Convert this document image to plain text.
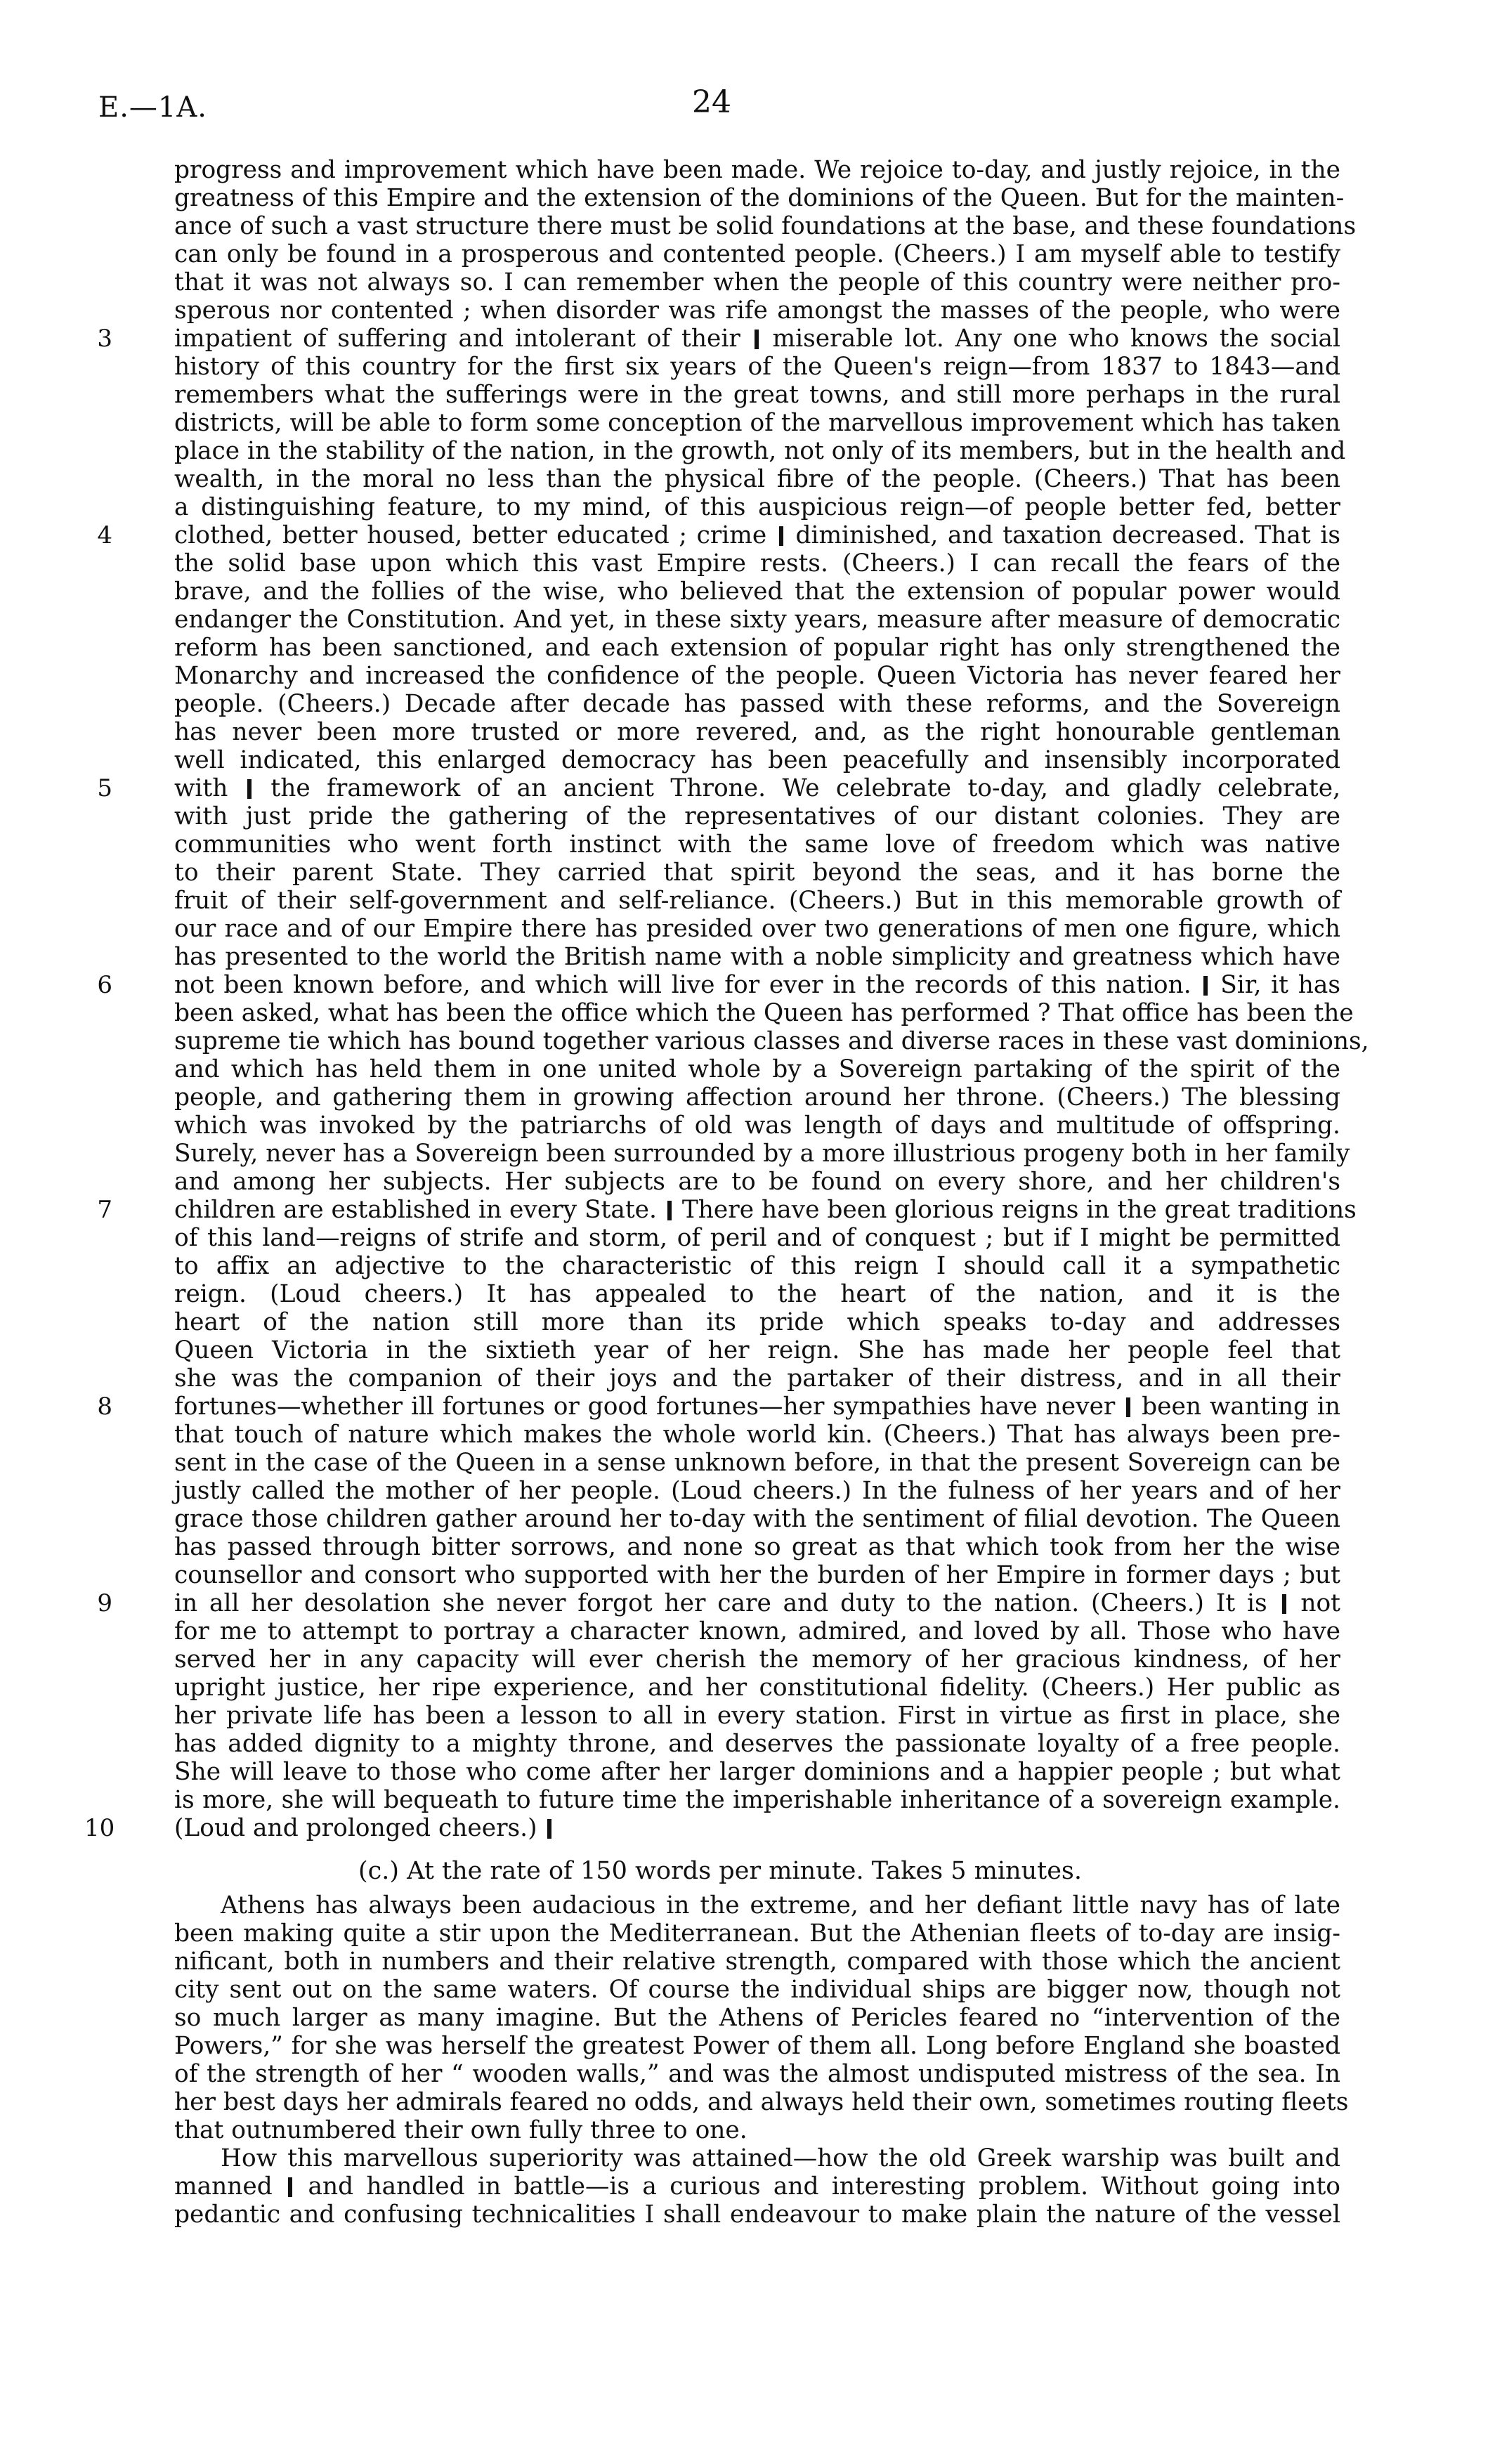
E.—1A.	24
progress and improvement which have been made. We rejoice to-day, and justly rejoice, in the
greatness of this Empire and the extension of the dominions of the Queen. But for the mainten-
ance of such a vast structure there must be solid foundations at the base, and these foundations
can only be found in a prosperous and contented people. (Cheers.) I am myself able to testify
that it was not always so. I can remember when the people of this country were neither pro-
sperous nor contented ; when disorder was rife amongst the masses of the people, who were
3	impatient of suffering and intolerant of their miserable lot. Any one who knows the social
history of this country for the first six years of the Queen's reign—from 1837 to 1843—and
remembers what the sufferings were in the great towns, and still more perhaps in the rural
districts, will be able to form some conception of the marvellous improvement which has taken
place in the stability of the nation, in the growth, not only of its members, but in the health and
wealth, in the moral no less than the physical fibre of the people. (Cheers.) That has been
a distinguishing feature, to my mind, of this auspicious reign—of people better fed, better
4	clothed, better housed, better educated ; crime diminished, and taxation decreased. That is
the solid base upon which this vast Empire rests. (Cheers.) I can recall the fears of the
brave, and the follies of the wise, who believed that the extension of popular power would
endanger the Constitution. And yet, in these sixty years, measure after measure of democratic
reform has been sanctioned, and each extension of popular right has only strengthened the
Monarchy and increased the confidence of the people. Queen Victoria has never feared her
people. (Cheers.) Decade after decade has passed with these reforms, and the Sovereign
has never been more trusted or more revered, and, as the right honourable gentleman
well indicated, this enlarged democracy has been peacefully and insensibly incorporated
5	with the framework of an ancient Throne. We celebrate to-day, and gladly celebrate,
with just pride the gathering of the representatives of our distant colonies. They are
communities who went forth instinct with the same love of freedom which was native
to their parent State. They carried that spirit beyond the seas, and it has borne the
fruit of their self-government and self-reliance. (Cheers.) But in this memorable growth of
our race and of our Empire there has presided over two generations of men one figure, which
has presented to the world the British name with a noble simplicity and greatness which have
6	not been known before, and which will live for ever in the records of this nation. Sir, it has
been asked, what has been the office which the Queen has performed ? That office has been the
supreme tie which has bound together various classes and diverse races in these vast dominions,
and which has held them in one united whole by a Sovereign partaking of the spirit of the
people, and gathering them in growing affection around her throne. (Cheers.) The blessing
which was invoked by the patriarchs of old was length of days and multitude of offspring.
Surely, never has a Sovereign been surrounded by a more illustrious progeny both in her family
and among her subjects. Her subjects are to be found on every shore, and her children's
7	children are established in every State. There have been glorious reigns in the great traditions
of this land—reigns of strife and storm, of peril and of conquest ; but if I might be permitted
to affix an adjective to the characteristic of this reign I should call it a sympathetic
reign. (Loud cheers.) It has appealed to the heart of the nation, and it is the
heart of the nation still more than its pride which speaks to-day and addresses
Queen Victoria in the sixtieth year of her reign. She has made her people feel that
she was the companion of their joys and the partaker of their distress, and in all their
8	fortunes—whether ill fortunes or good fortunes—her sympathies have never been wanting in
that touch of nature which makes the whole world kin. (Cheers.) That has always been pre-
sent in the case of the Queen in a sense unknown before, in that the present Sovereign can be
justly called the mother of her people. (Loud cheers.) In the fulness of her years and of her
grace those children gather around her to-day with the sentiment of filial devotion. The Queen
has passed through bitter sorrows, and none so great as that which took from her the wise
counsellor and consort who supported with her the burden of her Empire in former days ; but
9	in all her desolation she never forgot her care and duty to the nation. (Cheers.) It is not
for me to attempt to portray a character known, admired, and loved by all. Those who have
served her in any capacity will ever cherish the memory of her gracious kindness, of her
upright justice, her ripe experience, and her constitutional fidelity. (Cheers.) Her public as
her private life has been a lesson to all in every station. First in virtue as first in place, she
has added dignity to a mighty throne, and deserves the passionate loyalty of a free people.
She will leave to those who come after her larger dominions and a happier people ; but what
is more, she will bequeath to future time the imperishable inheritance of a sovereign example.
10 (Loud and prolonged cheers.)
(c.) At the rate of 150 words per minute. Takes 5 minutes.
Athens has always been audacious in the extreme, and her defiant little navy has of late
been making quite a stir upon the Mediterranean. But the Athenian fleets of to-day are insig-
nificant, both in numbers and their relative strength, compared with those which the ancient
city sent out on the same waters. Of course the individual ships are bigger now, though not
so much larger as many imagine. But the Athens of Pericles feared no “intervention of the
Powers,” for she was herself the greatest Power of them all. Long before England she boasted
of the strength of her “ wooden walls,” and was the almost undisputed mistress of the sea. In
her best days her admirals feared no odds, and always held their own, sometimes routing fleets
that outnumbered their own fully three to one.
How this marvellous superiority was attained—how the old Greek warship was built and
manned and handled in battle—is a curious and interesting problem. Without going into
pedantic and confusing technicalities I shall endeavour to make plain the nature of the vessel
